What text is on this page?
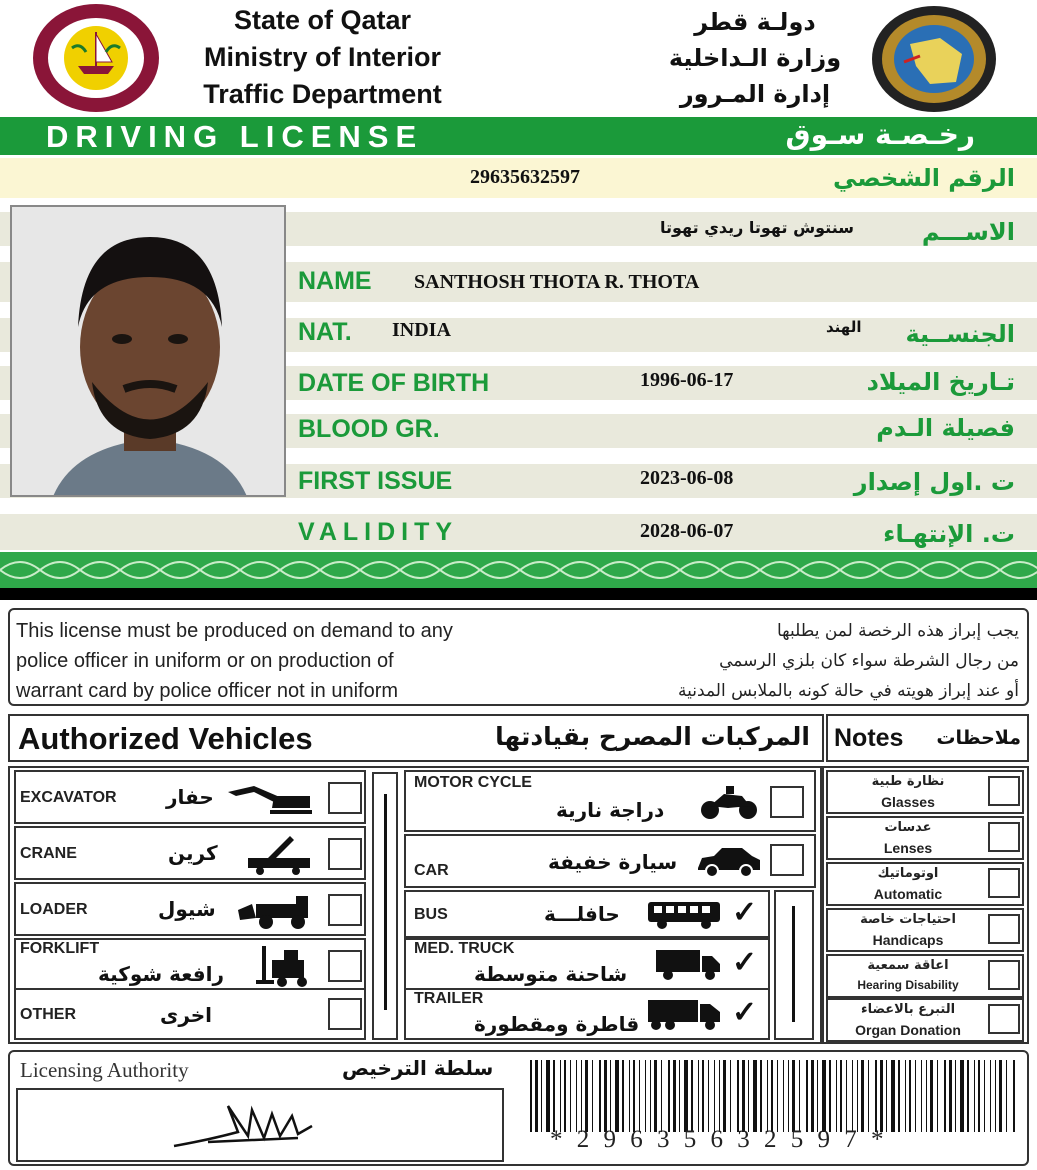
State of Qatar
Ministry of Interior
Traffic Department
دولـة قطر
وزارة الـداخلية
إدارة المـرور
DRIVING LICENSE	رخـصـة سـوق
29635632597	الرقم الشخصي
سنتوش تهوتا ريدي تهوتا	الاســـم
NAME SANTHOSH THOTA R. THOTA
NAT. INDIA	الهند الجنســية
DATE OF BIRTH	1996-06-17	تـاريخ الميلاد
BLOOD GR.	فصيلة الـدم
FIRST ISSUE	2023-06-08	ت .اول إصدار
VALIDITY	2028-06-07	ت. الإنتهـاء
This license must be produced on demand to any
police officer in uniform or on production of
warrant card by police officer not in uniform
يجب إبراز هذه الرخصة لمن يطلبها
من رجال الشرطة سواء كان بلزي الرسمي
أو عند إبراز هويته في حالة كونه بالملابس المدنية
Authorized Vehicles	المركبات المصرح بقيادتها Notes ملاحظات
EXCAVATOR حفار
CRANE	كرين
LOADER	شيول
FORKLIFT
رافعة شوكية
OTHER	اخرى
MOTOR CYCLE
دراجة نارية
CAR	سيارة خفيفة
BUS	حافلـــة	✓
MED. TRUCK
شاحنة متوسطة	✓
TRAILER
قاطرة ومقطورة	✓
نظارة طبية
Glasses
عدسات
Lenses
اوتوماتيك
Automatic
احتياجات خاصة
Handicaps
اعاقة سمعية
Hearing Disability
التبرع بالاعضاء
Organ Donation
Licensing Authority	سلطة الترخيص
* 2 9 6 3 5 6 3 2 5 9 7 *
